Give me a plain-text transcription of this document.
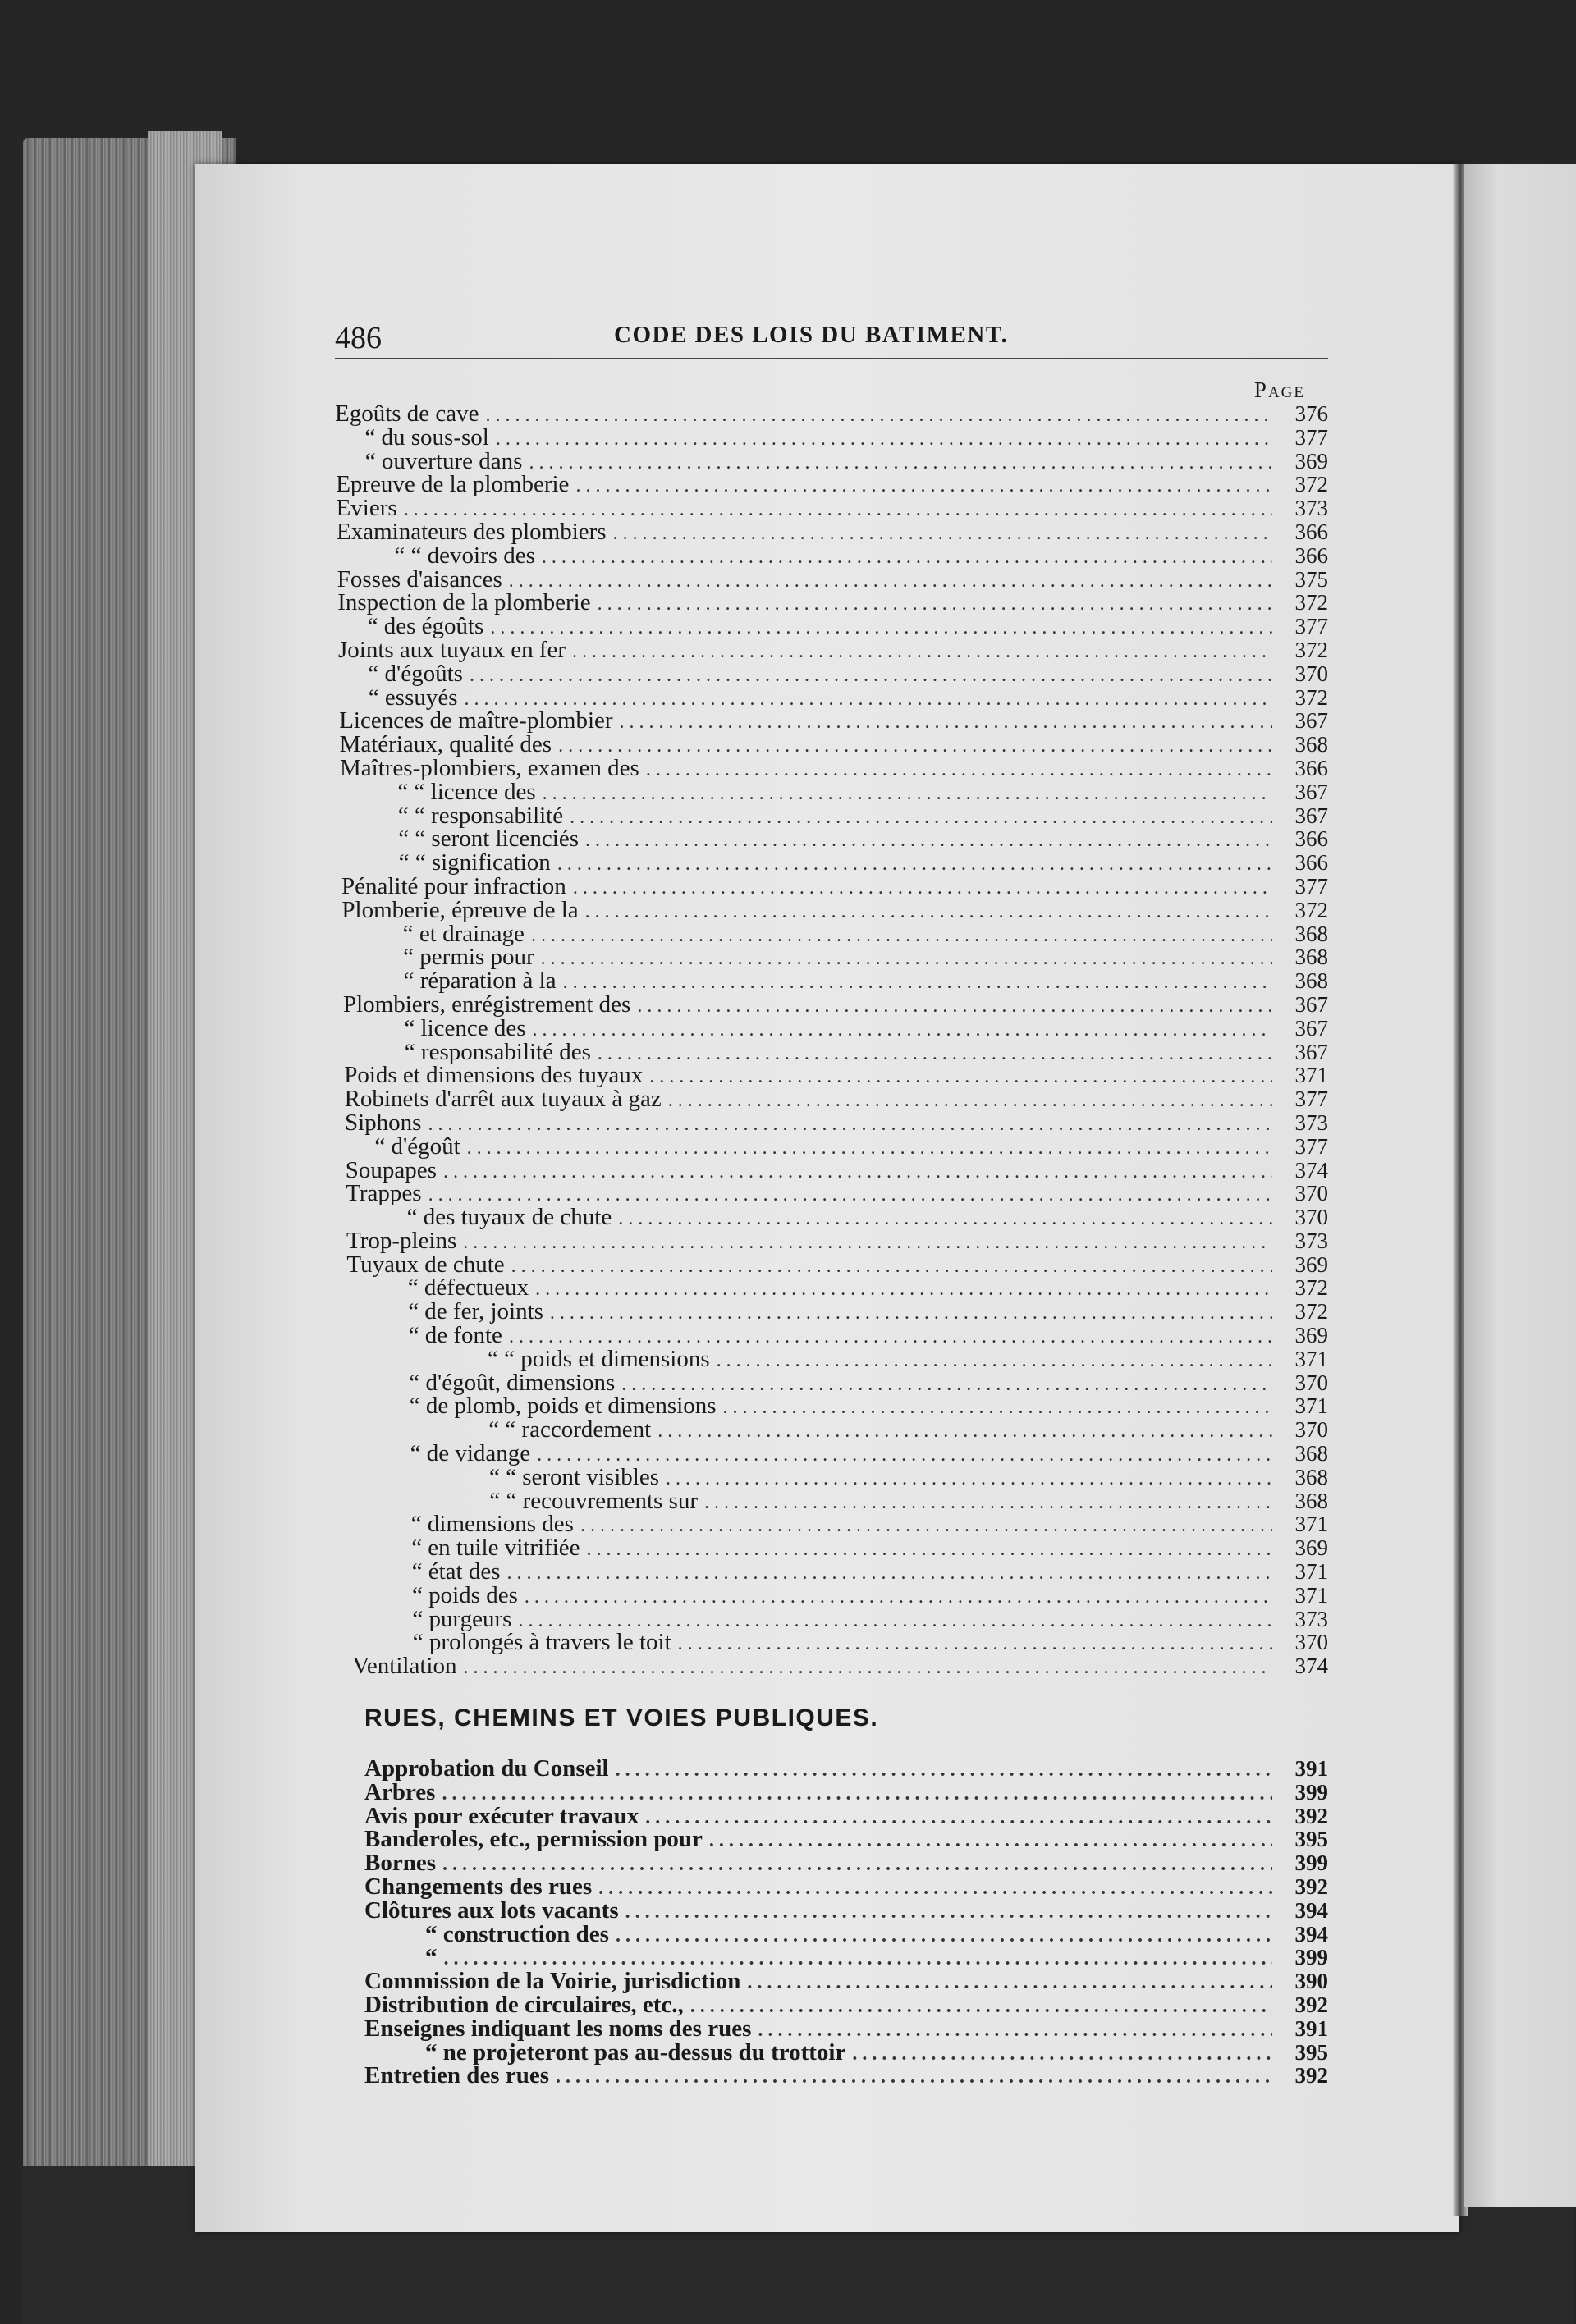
486	CODE DES LOIS DU BATIMENT.
Page
Egoûts de cave .....	376
“ du sous-sol .....	377
“ ouverture dans .....	369
Epreuve de la plomberie .....	372
Eviers .....	373
Examinateurs des plombiers .....	366
“ “ devoirs des .....	366
Fosses d'aisances .....	375
Inspection de la plomberie .....	372
“ des égoûts .....	377
Joints aux tuyaux en fer .....	372
“ d'égoûts .....	370
“ essuyés .....	372
Licences de maître-plombier .....	367
Matériaux, qualité des .....	368
Maîtres-plombiers, examen des .....	366
“ “ licence des .....	367
“ “ responsabilité .....	367
“ “ seront licenciés .....	366
“ “ signification .....	366
Pénalité pour infraction .....	377
Plomberie, épreuve de la .....	372
“ et drainage .....	368
“ permis pour .....	368
“ réparation à la .....	368
Plombiers, enrégistrement des .....	367
“ licence des .....	367
“ responsabilité des .....	367
Poids et dimensions des tuyaux .....	371
Robinets d'arrêt aux tuyaux à gaz .....	377
Siphons .....	373
“ d'égoût .....	377
Soupapes .....	374
Trappes .....	370
“ des tuyaux de chute .....	370
Trop-pleins .....	373
Tuyaux de chute .....	369
“ défectueux .....	372
“ de fer, joints .....	372
“ de fonte .....	369
“ “ poids et dimensions .....	371
“ d'égoût, dimensions .....	370
“ de plomb, poids et dimensions .....	371
“ “ raccordement .....	370
“ de vidange .....	368
“ “ seront visibles .....	368
“ “ recouvrements sur .....	368
“ dimensions des .....	371
“ en tuile vitrifiée .....	369
“ état des .....	371
“ poids des .....	371
“ purgeurs .....	373
“ prolongés à travers le toit .....	370
Ventilation .....	374
RUES, CHEMINS ET VOIES PUBLIQUES.
Approbation du Conseil .....	391
Arbres .....	399
Avis pour exécuter travaux .....	392
Banderoles, etc., permission pour .....	395
Bornes .....	399
Changements des rues .....	392
Clôtures aux lots vacants .....	394
“ construction des .....	394
“ .....	399
Commission de la Voirie, jurisdiction .....	390
Distribution de circulaires, etc., .....	392
Enseignes indiquant les noms des rues .....	391
“ ne projeteront pas au-dessus du trottoir .....	395
Entretien des rues .....	392
